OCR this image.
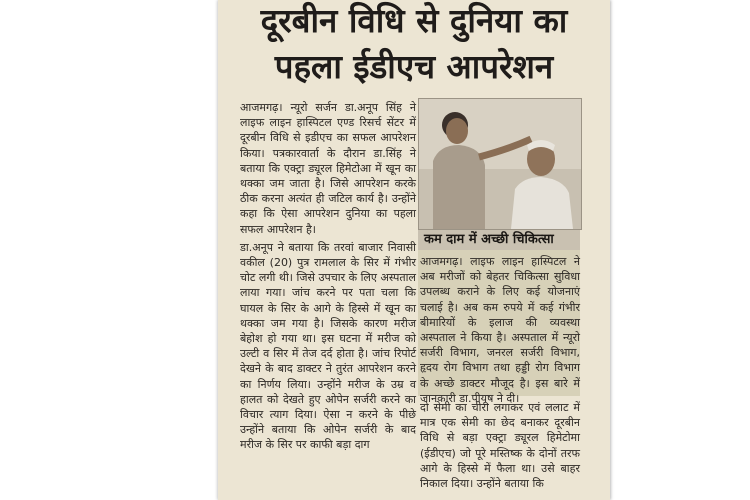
दूरबीन विधि से दुनिया का
पहला ईडीएच आपरेशन

आजमगढ़। न्यूरो सर्जन डा.अनूप सिंह ने लाइफ लाइन हास्पिटल एण्ड रिसर्च सेंटर में दूरबीन विधि से इडीएच का सफल आपरेशन किया। पत्रकारवार्ता के दौरान डा.सिंह ने बताया कि एक्ट्रा ड्यूरल हिमेटोआ में खून का थक्का जम जाता है। जिसे आपरेशन करके ठीक करना अत्यंत ही जटिल कार्य है। उन्होंने कहा कि ऐसा आपरेशन दुनिया का पहला सफल आपरेशन है।

डा.अनूप ने बताया कि तरवां बाजार निवासी वकील (20) पुत्र रामलाल के सिर में गंभीर चोट लगी थी। जिसे उपचार के लिए अस्पताल लाया गया। जांच करने पर पता चला कि घायल के सिर के आगे के हिस्से में खून का थक्का जम गया है। जिसके कारण मरीज बेहोश हो गया था। इस घटना में मरीज को उल्टी व सिर में तेज दर्द होता है। जांच रिपोर्ट देखने के बाद डाक्टर ने तुरंत आपरेशन करने का निर्णय लिया। उन्होंने मरीज के उम्र व हालत को देखते हुए ओपेन सर्जरी करने का विचार त्याग दिया। ऐसा न करने के पीछे उन्होंने बताया कि ओपेन सर्जरी के बाद मरीज के सिर पर काफी बड़ा दाग

कम दाम में अच्छी चिकित्सा
आजमगढ़। लाइफ लाइन हास्पिटल ने अब मरीजों को बेहतर चिकित्सा सुविधा उपलब्ध कराने के लिए कई योजनाएं चलाई है। अब कम रुपये में कई गंभीर बीमारियों के इलाज की व्यवस्था अस्पताल ने किया है। अस्पताल में न्यूरो सर्जरी विभाग, जनरल सर्जरी विभाग, हृदय रोग विभाग तथा हड्डी रोग विभाग के अच्छे डाक्टर मौजूद है। इस बारे में जानकारी डा.पीयूष ने दी।
दो सेमी का चीरा लगाकर एवं ललाट में मात्र एक सेमी का छेद बनाकर दूरबीन विधि से बड़ा एक्ट्रा ड्यूरल हिमेटोमा (ईडीएच) जो पूरे मस्तिष्क के दोनों तरफ आगे के हिस्से में फैला था। उसे बाहर निकाल दिया। उन्होंने बताया कि
